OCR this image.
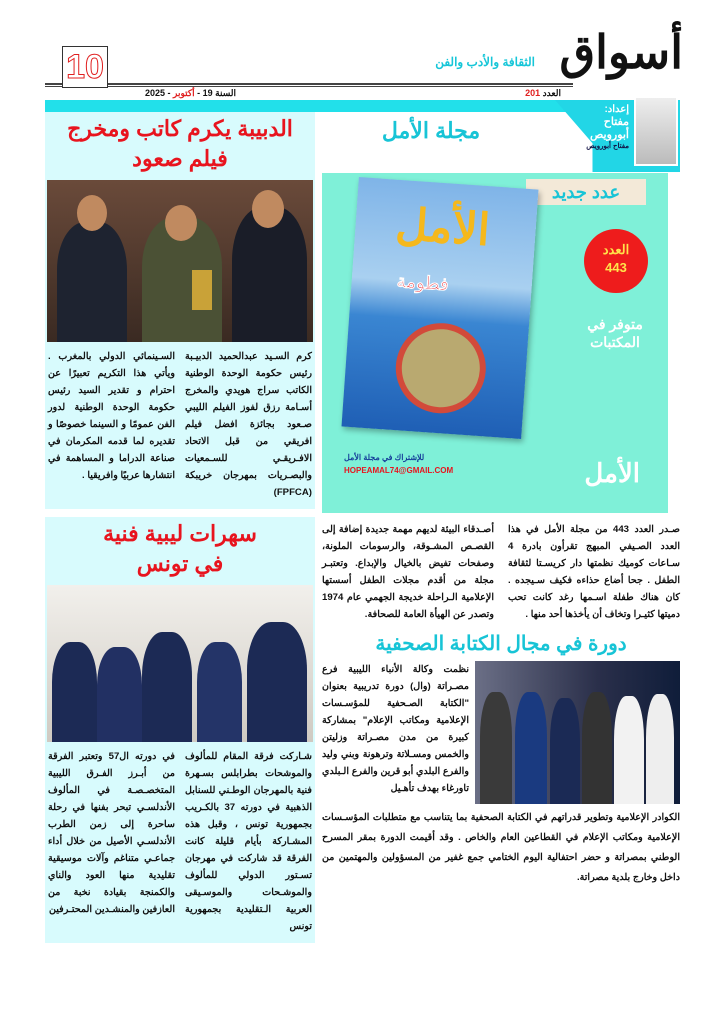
أسواق
الثقافة والأدب والفن
10
العدد 201
السنة 19 - أكتوبر - 2025
إعداد:
مفتاح أبورويص
مفتاح أبورويص
الدبيبة يكرم كاتب ومخرج
فيلم صعود
كرم السـيد عبدالحميد الدبيـبة رئيس حكومة الوحدة الوطنية الكاتب سراج هويدي والمخرج أسـامة رزق لفوز الفيلم الليبي صـعود بجائزة افضل فيلم افريقي من قبل الاتحاد الافـريقـي للسـمعيات والبصـريات بمهرجان خريبكة (FPFCA)
السـينمائي الدولي بالمغرب . ويأتي هذا التكريم تعبيرًا عن احترام و تقدير السيد رئيس حكومة الوحدة الوطنية لدور الفن عمومًا و السينما خصوصًا و تقديره لما قدمه المكرمان في صناعة الدراما و المساهمة في انتشارها عربيًا وافريقيا .
سهرات ليبية فنية
في تونس
شـاركت فرقة المقام للمألوف والموشحات بطرابلس بسـهرة فنية بالمهرجان الوطـني للسنابل الذهبية في دورته 37 بالكـريب بجمهورية تونس ، وقبل هذه المشـاركة بأيام قليلة كانت الفرقة قد شاركت في مهرجان تسـتور الدولي للمألوف والموشـحات والموسـيقى العربية الـتقليدية بجمهورية تونس
في دورته ال57 وتعتبر الفرقة من أبـرز الفـرق الليبية المتخصـصـة في المألوف الأندلسـي تبحر بفنها في رحلة ساحرة إلى زمن الطرب الأندلسـي الأصيل من خلال أداء جماعـي متناغم وآلات موسيقية تقليدية منها العود والناي والكمنجة بقيادة نخبة من العازفين والمنشـدين المحتـرفين
مجلة الأمل
عدد جديد
العدد
443
متوفر في المكتبات
الأمل
فطومة
للإشتراك في مجلة الأمل
HOPEAMAL74@GMAIL.COM	الأمل
صـدر العدد 443 من مجلة الأمل في هذا العدد الصـيفي المبهج تقرأون بادرة 4 سـاعات كوميك نظمتها دار كريسـتا لثقافة الطفل . جحا أضاع حذاءه فكيف سـيجده . كان هناك طفلة اسـمها رغد كانت تحب دميتها كثيـرا وتخاف أن يأخذها أحد منها .
أصـدقاء البيئة لديهم مهمة جديدة إضافة إلى القصـص المشـوقة، والرسومات الملونة، وصفحات تفيض بالخيال والإبداع. وتعتبـر مجلة من أقدم مجلات الطفل أسستها الإعلامية الـراحلة خديجة الجهمي عام 1974 وتصدر عن الهيأة العامة للصحافة.
دورة في مجال الكتابة الصحفية
نظمت وكالة الأنباء الليبية فرع مصـراتة (وال) دورة تدريبية بعنوان "الكتابة الصـحفية للمؤسـسات الإعلامية ومكاتب الإعلام" بمشاركة كبيرة من مدن مصـراتة وزليتن والخمس ومسـلاتة وترهونة وبني وليد والفرع البلدي أبو قرين والفرع الـبلدي تاورغاء بهدف تأهـيل
الكوادر الإعلامية وتطوير قدراتهم في الكتابة الصحفية بما يتناسب مع متطلبات المؤسـسات الإعلامية ومكاتب الإعلام في القطاعين العام والخاص . وقد أقيمت الدورة بمقر المسرح الوطني بمصراتة و حضر احتفالية اليوم الختامي جمع غفير من المسؤولين والمهتمين من داخل وخارج بلدية مصراتة.
